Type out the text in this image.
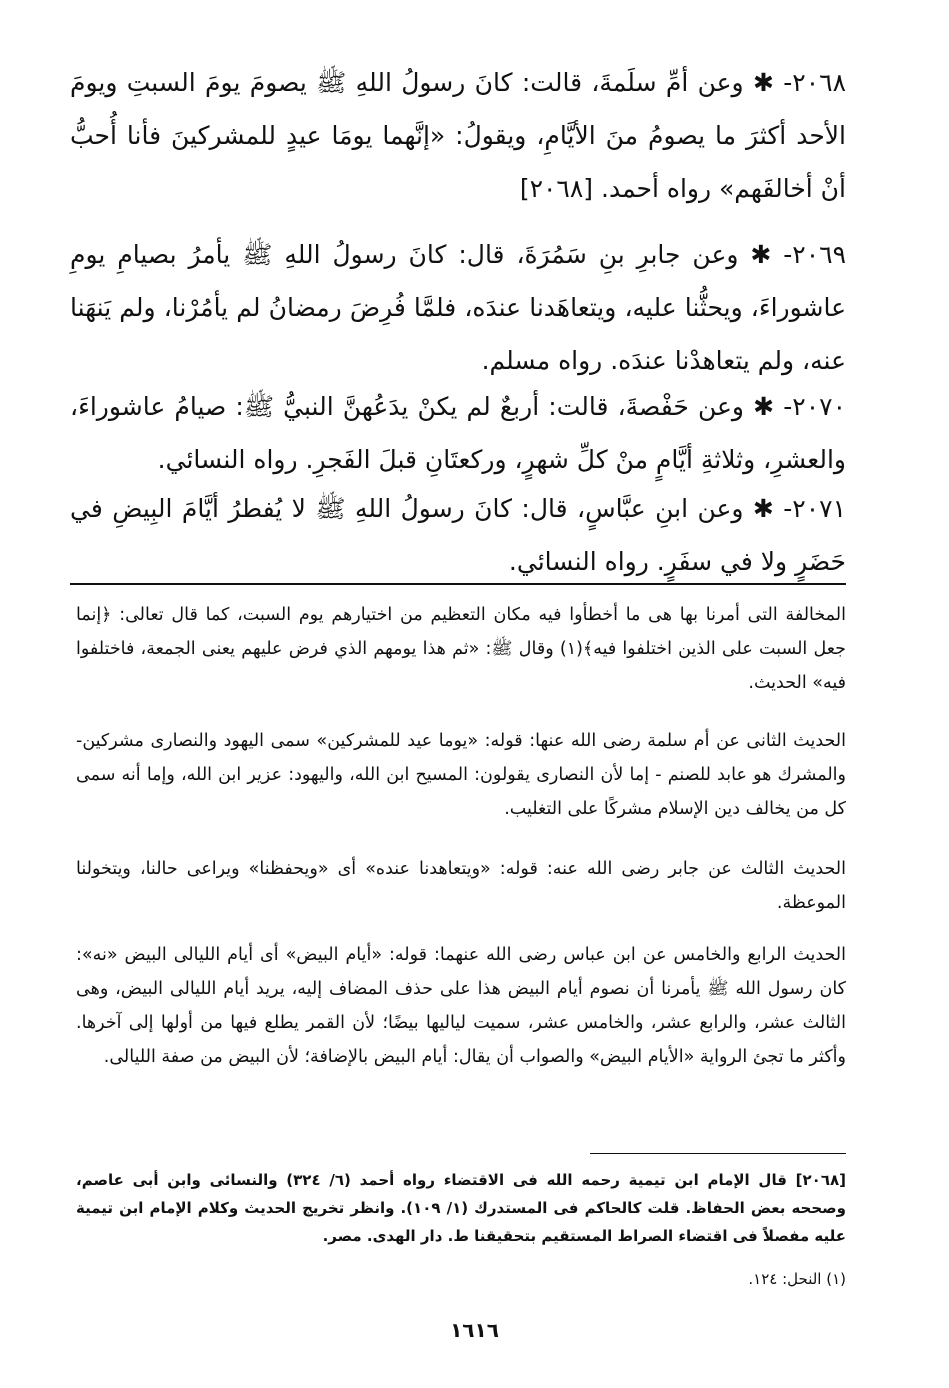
٢٠٦٨- ✱ وعن أمِّ سلَمةَ، قالت: كانَ رسولُ اللهِ ﷺ يصومَ يومَ السبتِ ويومَ الأحد أكثرَ ما يصومُ منَ الأيَّامِ، ويقولُ: «إنَّهما يومَا عيدٍ للمشركينَ فأنا أُحبُّ أنْ أخالفَهم» رواه أحمد. [٢٠٦٨]

٢٠٦٩- ✱ وعن جابرِ بنِ سَمُرَةَ، قال: كانَ رسولُ اللهِ ﷺ يأمرُ بصيامِ يومِ عاشوراءَ، ويحثُّنا عليه، ويتعاهَدنا عندَه، فلمَّا فُرِضَ رمضانُ لم يأمُرْنا، ولم يَنهَنا عنه، ولم يتعاهدْنا عندَه. رواه مسلم.

٢٠٧٠- ✱ وعن حَفْصةَ، قالت: أربعٌ لم يكنْ يدَعُهنَّ النبيُّ ﷺ: صيامُ عاشوراءَ، والعشرِ، وثلاثةِ أيَّامٍ منْ كلِّ شهرٍ، وركعتَانِ قبلَ الفَجرِ. رواه النسائي.

٢٠٧١- ✱ وعن ابنِ عبَّاسٍ، قال: كانَ رسولُ اللهِ ﷺ لا يُفطرُ أيَّامَ البِيضِ في حَضَرٍ ولا في سفَرٍ. رواه النسائي.

المخالفة التى أمرنا بها هى ما أخطأوا فيه مكان التعظيم من اختيارهم يوم السبت، كما قال تعالى: ﴿إنما جعل السبت على الذين اختلفوا فيه﴾(١) وقال ﷺ: «ثم هذا يومهم الذي فرض عليهم يعنى الجمعة، فاختلفوا فيه» الحديث.

الحديث الثانى عن أم سلمة رضى الله عنها: قوله: «يوما عيد للمشركين» سمى اليهود والنصارى مشركين- والمشرك هو عابد للصنم - إما لأن النصارى يقولون: المسيح ابن الله، واليهود: عزير ابن الله، وإما أنه سمى كل من يخالف دين الإسلام مشركًا على التغليب.

الحديث الثالث عن جابر رضى الله عنه: قوله: «ويتعاهدنا عنده» أى «ويحفظنا» ويراعى حالنا، ويتخولنا الموعظة.

الحديث الرابع والخامس عن ابن عباس رضى الله عنهما: قوله: «أيام البيض» أى أيام الليالى البيض «نه»: كان رسول الله ﷺ يأمرنا أن نصوم أيام البيض هذا على حذف المضاف إليه، يريد أيام الليالى البيض، وهى الثالث عشر، والرابع عشر، والخامس عشر، سميت لياليها بيضًا؛ لأن القمر يطلع فيها من أولها إلى آخرها. وأكثر ما تجئ الرواية «الأيام البيض» والصواب أن يقال: أيام البيض بالإضافة؛ لأن البيض من صفة الليالى.

[٢٠٦٨] قال الإمام ابن تيمية رحمه الله فى الاقتضاء رواه أحمد (٦/ ٣٢٤) والنسائى وابن أبى عاصم، وصححه بعض الحفاظ. قلت كالحاكم فى المستدرك (١/ ١٠٩). وانظر تخريج الحديث وكلام الإمام ابن تيمية عليه مفصلاً فى اقتضاء الصراط المستقيم بتحقيقنا ط. دار الهدى. مصر.

(١) النحل: ١٢٤.

١٦١٦
